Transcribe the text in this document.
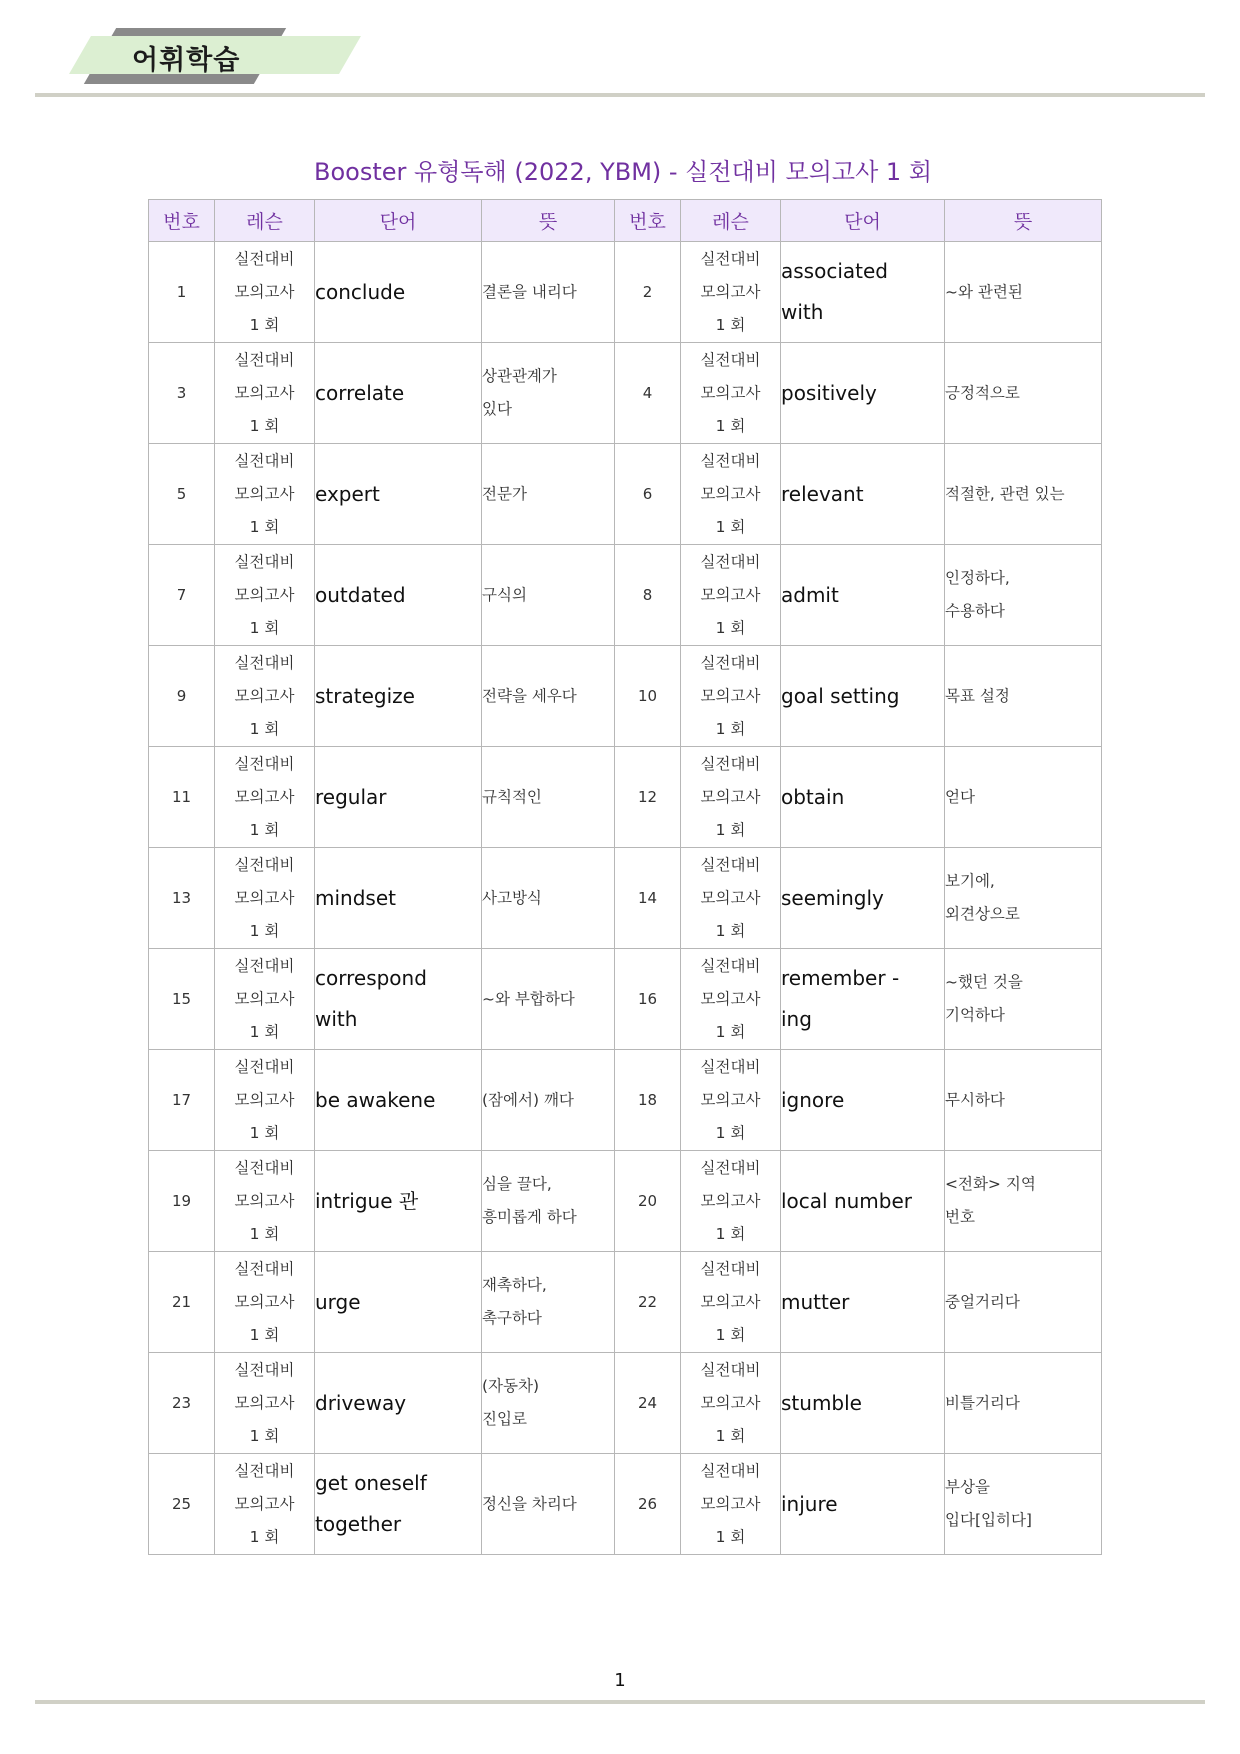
어휘학습
Booster 유형독해 (2022, YBM) - 실전대비 모의고사 1 회
번호	레슨	단어	뜻	번호	레슨	단어	뜻
1	실전대비
모의고사
1 회	conclude	결론을 내리다	2	실전대비
모의고사
1 회	associated
with	~와 관련된

3	실전대비
모의고사
1 회	correlate	상관관계가
있다	4	실전대비
모의고사
1 회	positively	긍정적으로

5	실전대비
모의고사
1 회	expert	전문가	6	실전대비
모의고사
1 회	relevant	적절한, 관련 있는

7	실전대비
모의고사
1 회	outdated	구식의	8	실전대비
모의고사
1 회	admit	인정하다,
수용하다

9	실전대비
모의고사
1 회	strategize	전략을 세우다	10	실전대비
모의고사
1 회	goal setting	목표 설정

11	실전대비
모의고사
1 회	regular	규칙적인	12	실전대비
모의고사
1 회	obtain	얻다

13	실전대비
모의고사
1 회	mindset	사고방식	14	실전대비
모의고사
1 회	seemingly	보기에,
외견상으로

15	실전대비
모의고사
1 회	correspond
with	~와 부합하다	16	실전대비
모의고사
1 회	remember -
ing	~했던 것을
기억하다

17	실전대비
모의고사
1 회	be awakene	(잠에서) 깨다	18	실전대비
모의고사
1 회	ignore	무시하다

19	실전대비
모의고사
1 회	intrigue 관	심을 끌다,
흥미롭게 하다	20	실전대비
모의고사
1 회	local number	<전화> 지역
번호

21	실전대비
모의고사
1 회	urge	재촉하다,
촉구하다	22	실전대비
모의고사
1 회	mutter	중얼거리다

23	실전대비
모의고사
1 회	driveway	(자동차)
진입로	24	실전대비
모의고사
1 회	stumble	비틀거리다

25	실전대비
모의고사
1 회	get oneself
together	정신을 차리다	26	실전대비
모의고사
1 회	injure	부상을
입다[입히다]
1
